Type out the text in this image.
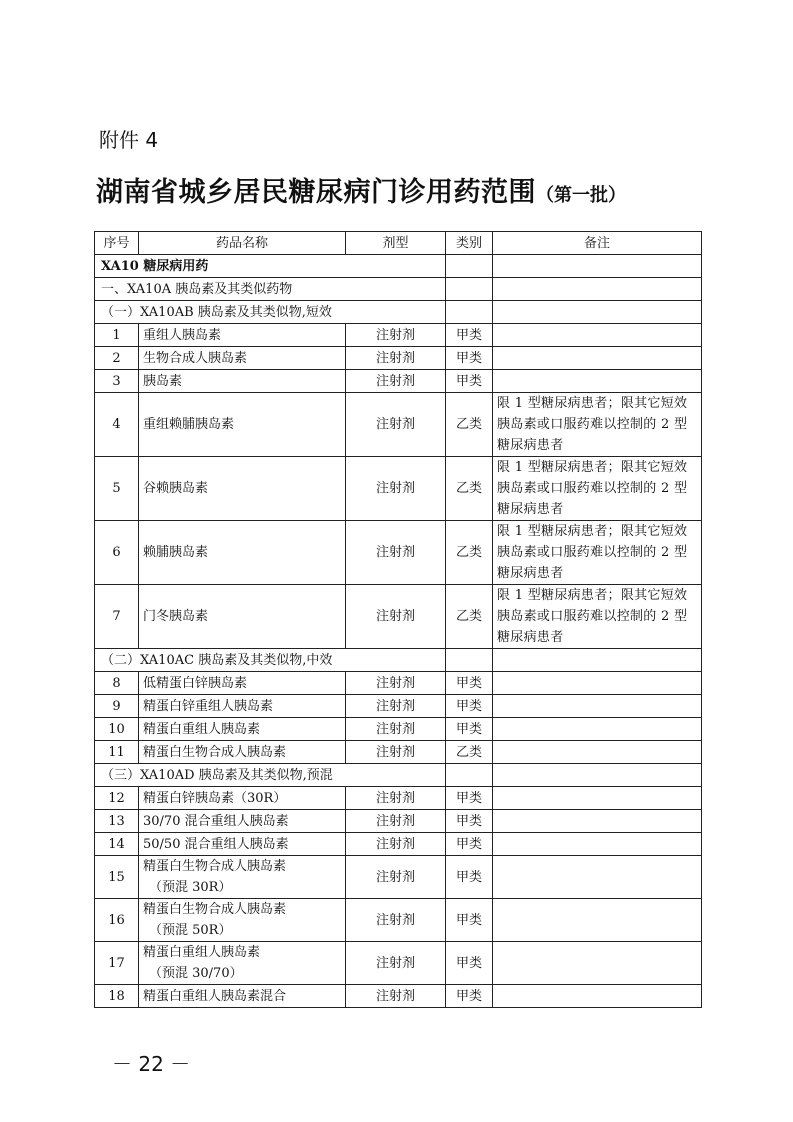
附件 4
湖南省城乡居民糖尿病门诊用药范围（第一批）
序号	药品名称	剂型	类别	备注
XA10 糖尿病用药				
一、XA10A 胰岛素及其类似药物				
（一）XA10AB 胰岛素及其类似物,短效				
1	重组人胰岛素	注射剂	甲类	
2	生物合成人胰岛素	注射剂	甲类	
3	胰岛素	注射剂	甲类	
4	重组赖脯胰岛素	注射剂	乙类	限 1 型糖尿病患者；限其它短效胰岛素或口服药难以控制的 2 型糖尿病患者
5	谷赖胰岛素	注射剂	乙类	限 1 型糖尿病患者；限其它短效胰岛素或口服药难以控制的 2 型糖尿病患者
6	赖脯胰岛素	注射剂	乙类	限 1 型糖尿病患者；限其它短效胰岛素或口服药难以控制的 2 型糖尿病患者
7	门冬胰岛素	注射剂	乙类	限 1 型糖尿病患者；限其它短效胰岛素或口服药难以控制的 2 型糖尿病患者
（二）XA10AC 胰岛素及其类似物,中效				
8	低精蛋白锌胰岛素	注射剂	甲类	
9	精蛋白锌重组人胰岛素	注射剂	甲类	
10	精蛋白重组人胰岛素	注射剂	甲类	
11	精蛋白生物合成人胰岛素	注射剂	乙类	
（三）XA10AD 胰岛素及其类似物,预混				
12	精蛋白锌胰岛素（30R）	注射剂	甲类	
13	30/70 混合重组人胰岛素	注射剂	甲类	
14	50/50 混合重组人胰岛素	注射剂	甲类	
15	精蛋白生物合成人胰岛素
（预混 30R）	注射剂	甲类	
16	精蛋白生物合成人胰岛素
（预混 50R）	注射剂	甲类	
17	精蛋白重组人胰岛素
（预混 30/70）	注射剂	甲类	
18	精蛋白重组人胰岛素混合	注射剂	甲类	
－ 22 －
